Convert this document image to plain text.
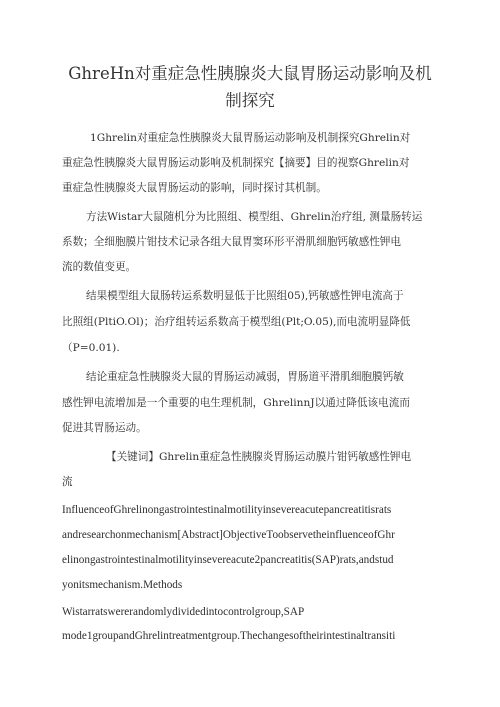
GhreHn对重症急性胰腺炎大鼠胃肠运动影响及机

制探究

1Ghrelin对重症急性胰腺炎大鼠胃肠运动影响及机制探究Ghrelin对

重症急性胰腺炎大鼠胃肠运动影响及机制探究【摘要】目的视察Ghrelin对

重症急性胰腺炎大鼠胃肠运动的影响，同时探讨其机制。

方法Wistar大鼠随机分为比照组、模型组、Ghrelin治疗组, 测量肠转运

系数；全细胞膜片钳技术记录各组大鼠胃窦环形平滑肌细胞钙敏感性钾电

流的数值变更。

结果模型组大鼠肠转运系数明显低于比照组05),钙敏感性钾电流高于

比照组(PltiO.Ol)；治疗组转运系数高于模型组(Plt;O.05),而电流明显降低

（P=0.01).

结论重症急性胰腺炎大鼠的胃肠运动减弱，胃肠道平滑肌细胞膜钙敏

感性钾电流增加是一个重要的电生理机制，GhrelinnJ以通过降低该电流而

促进其胃肠运动。

【关键词】Ghrelin重症急性胰腺炎胃肠运动膜片钳钙敏感性钾电

流

InfluenceofGhrelinongastrointestinalmotilityinsevereacutepancreatitisrats

andresearchonmechanism[Abstract]ObjectiveToobservetheinfluenceofGhr

elinongastrointestinalmotilityinsevereacute2pancreatitis(SAP)rats,andstud

yonitsmechanism.Methods

Wistarratswererandomlydividedintocontrolgroup,SAP

mode1groupandGhrelintreatmentgroup.Thechangesoftheirintestinaltransiti
